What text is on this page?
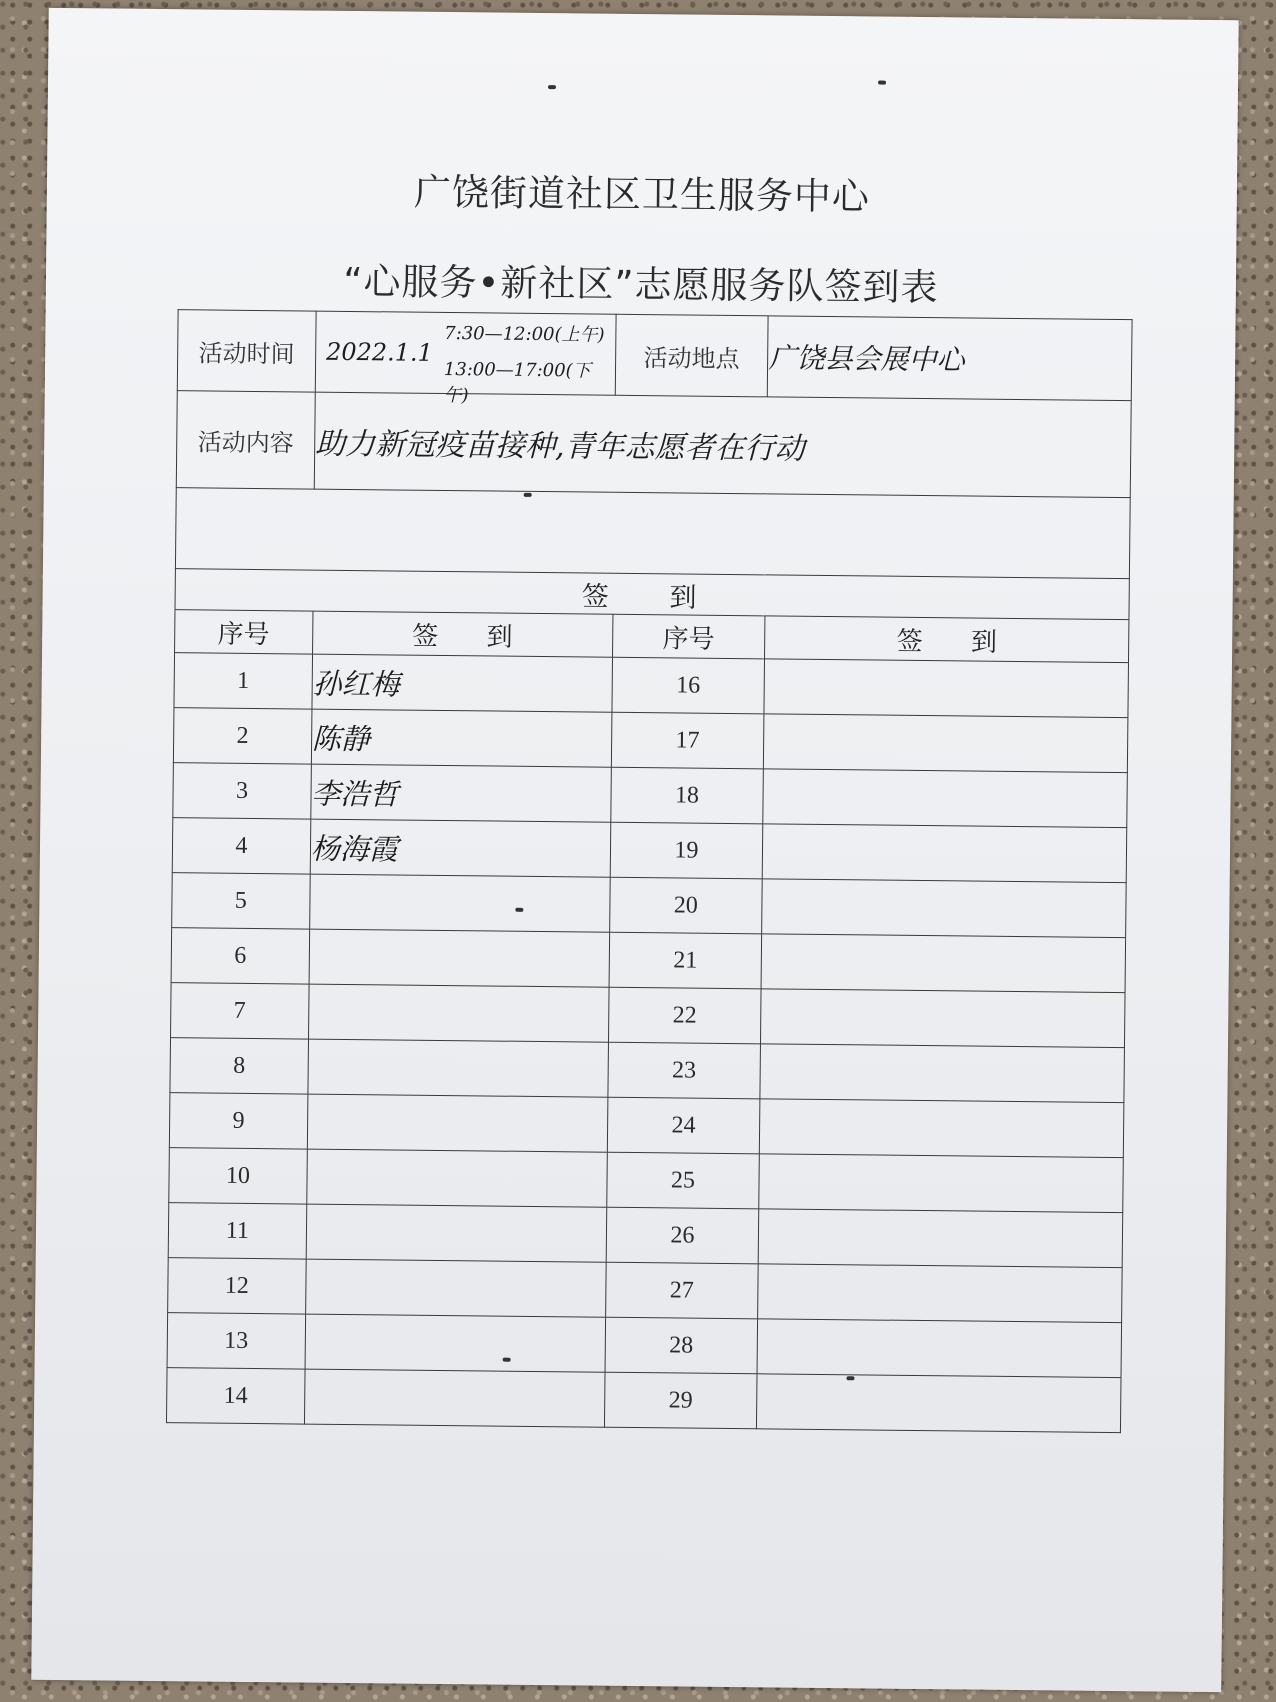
广饶街道社区卫生服务中心
“心服务•新社区”志愿服务队签到表
活动时间	2022.1.1
7:30—12:00(上午)
13:00—17:00(下午)	活动地点	广饶县会展中心
活动内容	助力新冠疫苗接种,青年志愿者在行动		

签 到			
序号	签 到	序号	签 到
1	孙红梅	16	
2	陈静	17	
3	李浩哲	18	
4	杨海霞	19	
5		20	
6		21	
7		22	
8		23	
9		24	
10		25	
11		26	
12		27	
13		28	
14		29	
